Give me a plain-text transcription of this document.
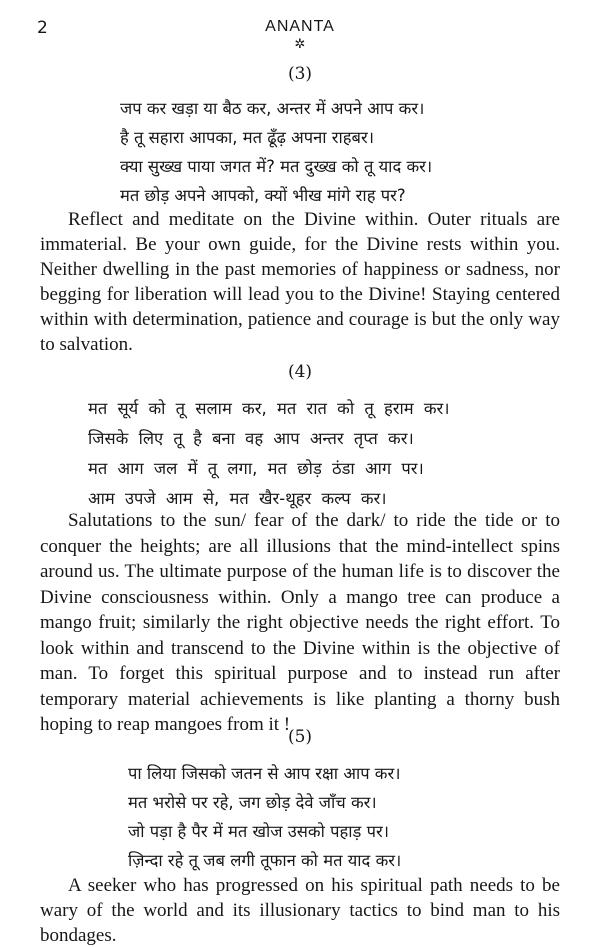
2	ANANTA
✲
(3)
जप कर खड़ा या बैठ कर, अन्तर में अपने आप कर।
है तू सहारा आपका, मत ढूँढ़ अपना राहबर।
क्या सुख्ख पाया जगत में? मत दुख्ख को तू याद कर।
मत छोड़ अपने आपको, क्यों भीख मांगे राह पर?

Reflect and meditate on the Divine within. Outer rituals are immaterial. Be your own guide, for the Divine rests within you. Neither dwelling in the past memories of happiness or sadness, nor begging for liberation will lead you to the Divine! Staying centered within with determination, patience and courage is but the only way to salvation.

(4)
मत सूर्य को तू सलाम कर, मत रात को तू हराम कर।
जिसके लिए तू है बना वह आप अन्तर तृप्त कर।
मत आग जल में तू लगा, मत छोड़ ठंडा आग पर।
आम उपजे आम से, मत खैर-थूहर कल्प कर।

Salutations to the sun/ fear of the dark/ to ride the tide or to conquer the heights; are all illusions that the mind-intellect spins around us. The ultimate purpose of the human life is to discover the Divine consciousness within. Only a mango tree can produce a mango fruit; similarly the right objective needs the right effort. To look within and transcend to the Divine within is the objective of man. To forget this spiritual purpose and to instead run after temporary material achievements is like planting a thorny bush hoping to reap mangoes from it !

(5)
पा लिया जिसको जतन से आप रक्षा आप कर।
मत भरोसे पर रहे, जग छोड़ देवे जाँच कर।
जो पड़ा है पैर में मत खोज उसको पहाड़ पर।
ज़िन्दा रहे तू जब लगी तूफान को मत याद कर।

A seeker who has progressed on his spiritual path needs to be wary of the world and its illusionary tactics to bind man to his bondages.
